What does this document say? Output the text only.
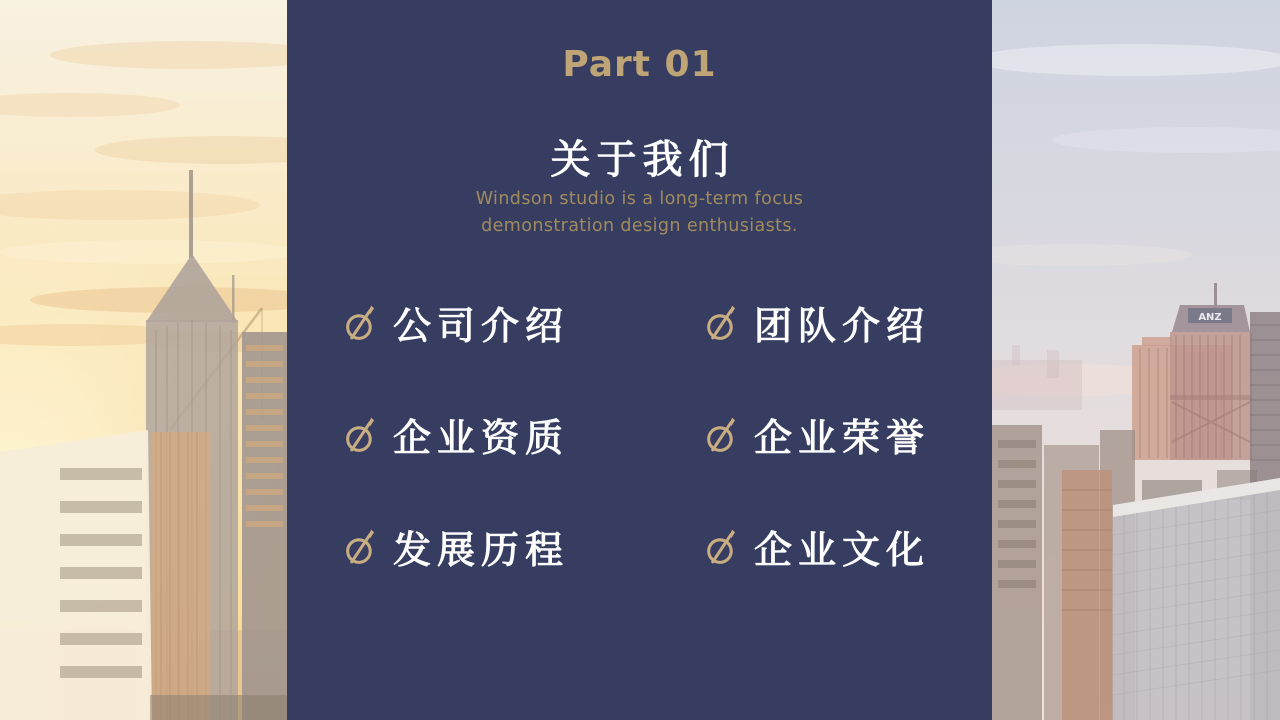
ANZ
Part 01
关于我们
Windson studio is a long-term focus
demonstration design enthusiasts.
公司介绍	团队介绍
企业资质	企业荣誉
发展历程	企业文化
